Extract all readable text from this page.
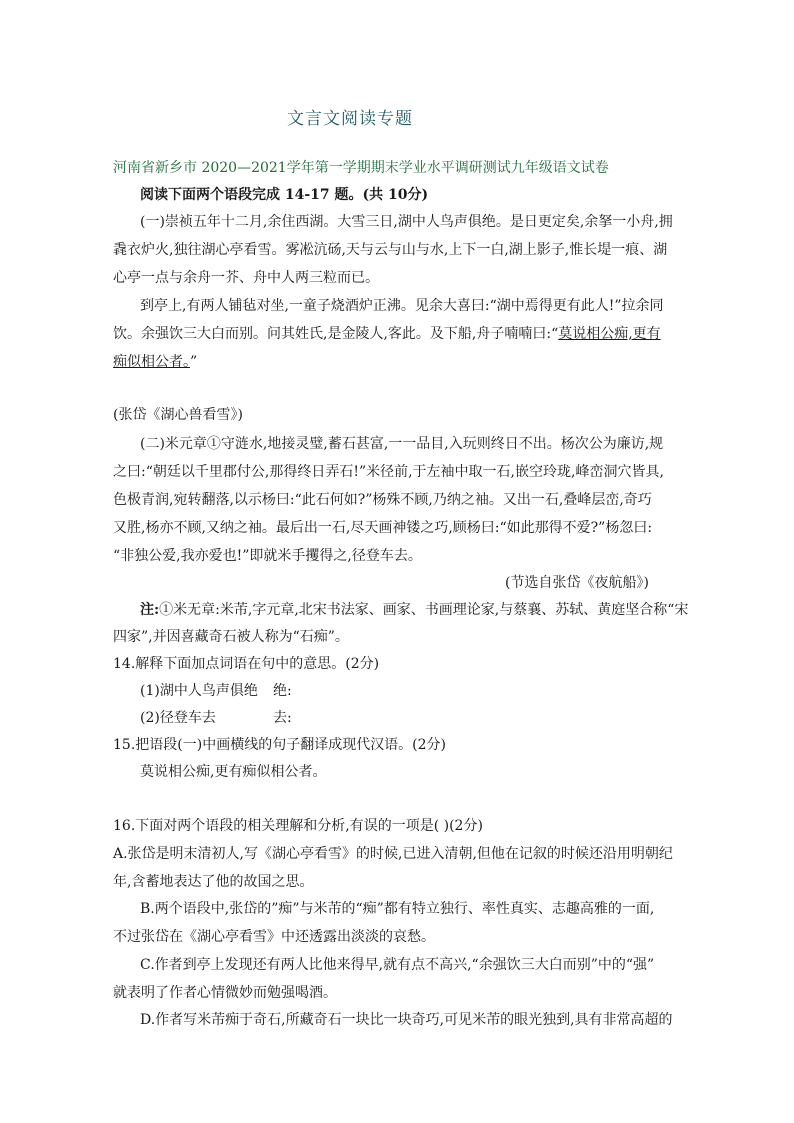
文言文阅读专题
河南省新乡市 2020—2021学年第一学期期末学业水平调研测试九年级语文试卷
阅读下面两个语段完成 14-17 题。(共 10分)
(一)崇祯五年十二月,余住西湖。大雪三日,湖中人鸟声俱绝。是日更定矣,余拏一小舟,拥
毳衣炉火,独往湖心亭看雪。雾凇沆砀,天与云与山与水,上下一白,湖上影子,惟长堤一痕、湖
心亭一点与余舟一芥、舟中人两三粒而已。
到亭上,有两人铺毡对坐,一童子烧酒炉正沸。见余大喜曰:“湖中焉得更有此人!”拉余同
饮。余强饮三大白而别。问其姓氏,是金陵人,客此。及下船,舟子喃喃曰:“莫说相公痴,更有
痴似相公者。”
(张岱《湖心兽看雪》)
(二)米元章①守涟水,地接灵璧,蓄石甚富,一一品目,入玩则终日不出。杨次公为廉访,规
之曰:“朝廷以千里郡付公,那得终日弄石!”米径前,于左袖中取一石,嵌空玲珑,峰峦洞穴皆具,
色极青润,宛转翻落,以示杨曰:“此石何如?”杨殊不顾,乃纳之袖。又出一石,叠峰层峦,奇巧
又胜,杨亦不顾,又纳之袖。最后出一石,尽天画神镂之巧,顾杨曰:“如此那得不爱?”杨忽曰:
“非独公爱,我亦爱也!”即就米手攫得之,径登车去。
(节选自张岱《夜航船》)
注:①米无章:米芾,字元章,北宋书法家、画家、书画理论家,与蔡襄、苏轼、黄庭坚合称“宋
四家”,并因喜藏奇石被人称为“石痴”。
14.解释下面加点词语在句中的意思。(2分)
(1)湖中人鸟声俱绝 绝:
(2)径登车去	去:
15.把语段(一)中画横线的句子翻译成现代汉语。(2分)
莫说相公痴,更有痴似相公者。
16.下面对两个语段的相关理解和分析,有误的一项是( )(2分)
A.张岱是明末清初人,写《湖心亭看雪》的时候,已进入清朝,但他在记叙的时候还沿用明朝纪
年,含蓄地表达了他的故国之思。
B.两个语段中,张岱的”痴”与米芾的“痴”都有特立独行、率性真实、志趣高雅的一面,
不过张岱在《湖心亭看雪》中还透露出淡淡的哀愁。
C.作者到亭上发现还有两人比他来得早,就有点不高兴,“余强饮三大白而别”中的“强”
就表明了作者心情微妙而勉强喝酒。
D.作者写米芾痴于奇石,所藏奇石一块比一块奇巧,可见米芾的眼光独到,具有非常高超的
